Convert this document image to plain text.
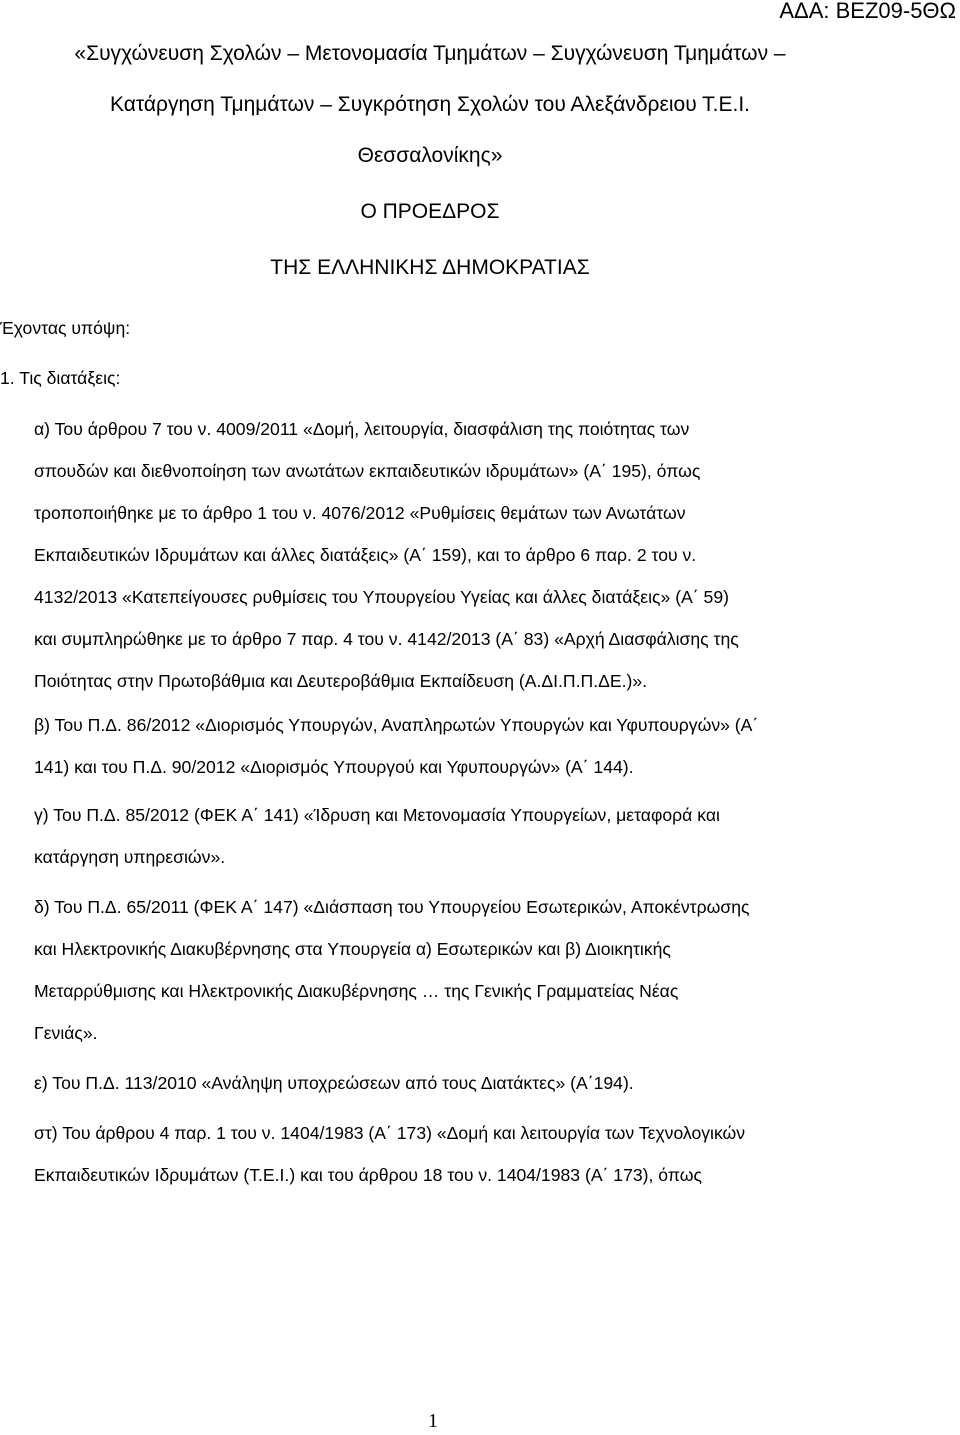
ΑΔΑ: ΒΕΖ09-5ΘΩ
«Συγχώνευση Σχολών – Μετονομασία Τμημάτων – Συγχώνευση Τμημάτων –
Κατάργηση Τμημάτων – Συγκρότηση Σχολών του Αλεξάνδρειου Τ.Ε.Ι.
Θεσσαλονίκης»
Ο ΠΡΟΕΔΡΟΣ
ΤΗΣ ΕΛΛΗΝΙΚΗΣ ΔΗΜΟΚΡΑΤΙΑΣ
Έχοντας υπόψη:
1. Τις διατάξεις:
α) Του άρθρου 7 του ν. 4009/2011 «Δομή, λειτουργία, διασφάλιση της ποιότητας των
σπουδών και διεθνοποίηση των ανωτάτων εκπαιδευτικών ιδρυμάτων» (Α΄ 195), όπως
τροποποιήθηκε με το άρθρο 1 του ν. 4076/2012 «Ρυθμίσεις θεμάτων των Ανωτάτων
Εκπαιδευτικών Ιδρυμάτων και άλλες διατάξεις» (Α΄ 159), και το άρθρο 6 παρ. 2 του ν.
4132/2013 «Κατεπείγουσες ρυθμίσεις του Υπουργείου Υγείας και άλλες διατάξεις» (Α΄ 59)
και συμπληρώθηκε με το άρθρο 7 παρ. 4 του ν. 4142/2013 (Α΄ 83) «Αρχή Διασφάλισης της
Ποιότητας στην Πρωτοβάθμια και Δευτεροβάθμια Εκπαίδευση (Α.ΔΙ.Π.Π.ΔΕ.)».
β) Του Π.Δ. 86/2012 «Διορισμός Υπουργών, Αναπληρωτών Υπουργών και Υφυπουργών» (Α΄
141) και του Π.Δ. 90/2012 «Διορισμός Υπουργού και Υφυπουργών» (Α΄ 144).
γ) Του Π.Δ. 85/2012 (ΦΕΚ Α΄ 141) «Ίδρυση και Μετονομασία Υπουργείων, μεταφορά και
κατάργηση υπηρεσιών».
δ) Του Π.Δ. 65/2011 (ΦΕΚ Α΄ 147) «Διάσπαση του Υπουργείου Εσωτερικών, Αποκέντρωσης
και Ηλεκτρονικής Διακυβέρνησης στα Υπουργεία α) Εσωτερικών και β) Διοικητικής
Μεταρρύθμισης και Ηλεκτρονικής Διακυβέρνησης … της Γενικής Γραμματείας Νέας
Γενιάς».
ε) Του Π.Δ. 113/2010 «Ανάληψη υποχρεώσεων από τους Διατάκτες» (Α΄194).
στ) Του άρθρου 4 παρ. 1 του ν. 1404/1983 (Α΄ 173) «Δομή και λειτουργία των Τεχνολογικών
Εκπαιδευτικών Ιδρυμάτων (Τ.Ε.Ι.) και του άρθρου 18 του ν. 1404/1983 (Α΄ 173), όπως
1
